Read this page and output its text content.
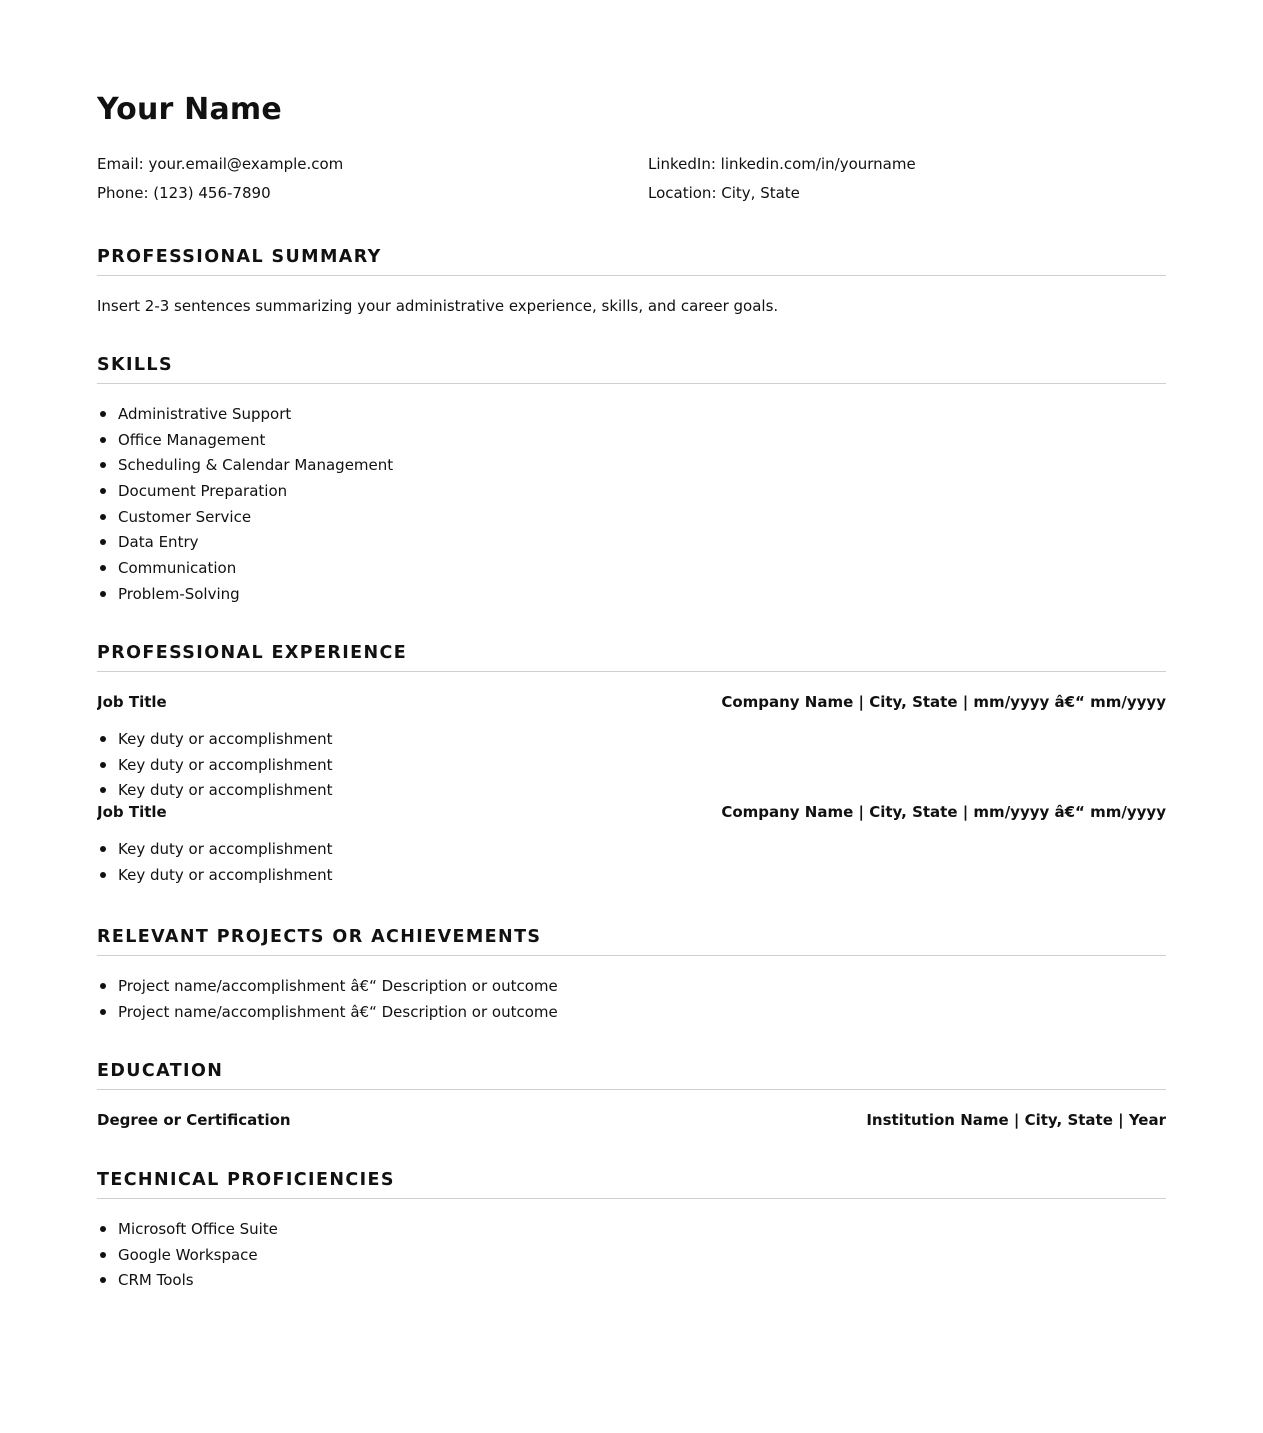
Your Name
Email: your.email@example.com
Phone: (123) 456-7890
LinkedIn: linkedin.com/in/yourname
Location: City, State
PROFESSIONAL SUMMARY
Insert 2-3 sentences summarizing your administrative experience, skills, and career goals.
SKILLS
Administrative Support
Office Management
Scheduling & Calendar Management
Document Preparation
Customer Service
Data Entry
Communication
Problem-Solving
PROFESSIONAL EXPERIENCE
Job Title	Company Name | City, State | mm/yyyy â€“ mm/yyyy
Key duty or accomplishment
Key duty or accomplishment
Key duty or accomplishment
Job Title	Company Name | City, State | mm/yyyy â€“ mm/yyyy
Key duty or accomplishment
Key duty or accomplishment
RELEVANT PROJECTS OR ACHIEVEMENTS
Project name/accomplishment â€“ Description or outcome
Project name/accomplishment â€“ Description or outcome
EDUCATION
Degree or Certification	Institution Name | City, State | Year
TECHNICAL PROFICIENCIES
Microsoft Office Suite
Google Workspace
CRM Tools
